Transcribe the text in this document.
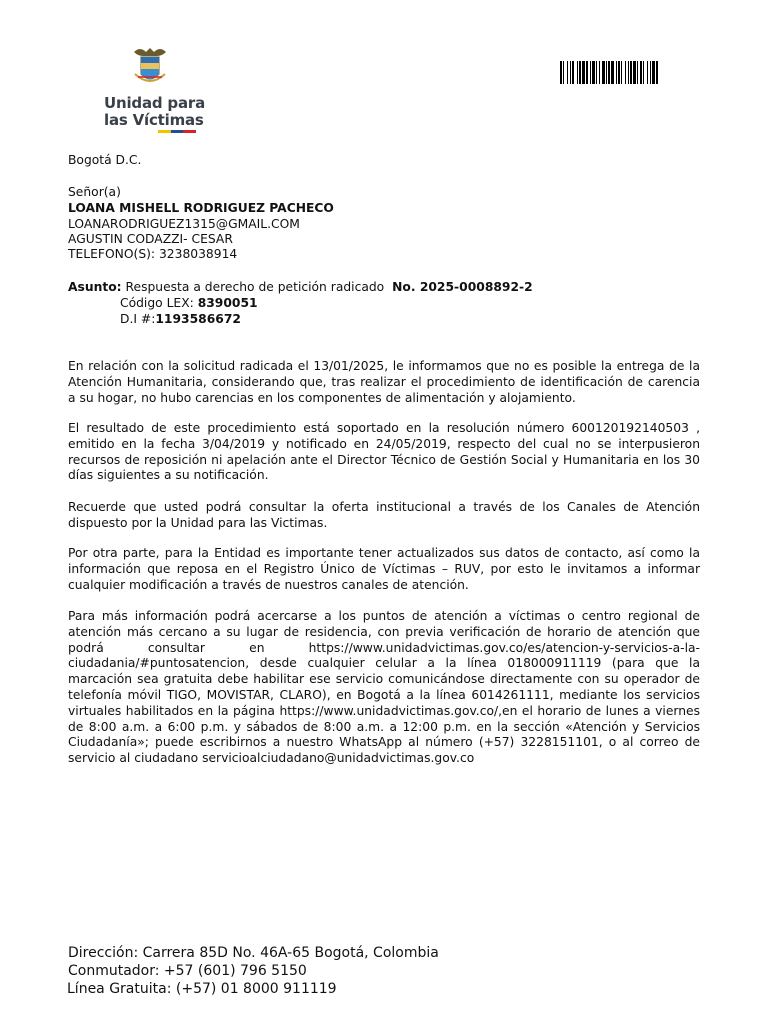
Unidad para
las Víctimas
Bogotá D.C.
Señor(a)
LOANA MISHELL RODRIGUEZ PACHECO
LOANARODRIGUEZ1315@GMAIL.COM
AGUSTIN CODAZZI- CESAR
TELEFONO(S): 3238038914
Asunto: Respuesta a derecho de petición radicado No. 2025-0008892-2
Código LEX: 8390051
D.I #:1193586672
En relación con la solicitud radicada el 13/01/2025, le informamos que no es posible la entrega de la Atención Humanitaria, considerando que, tras realizar el procedimiento de identificación de carencia a su hogar, no hubo carencias en los componentes de alimentación y alojamiento.
El resultado de este procedimiento está soportado en la resolución número 600120192140503 , emitido en la fecha 3/04/2019 y notificado en 24/05/2019, respecto del cual no se interpusieron recursos de reposición ni apelación ante el Director Técnico de Gestión Social y Humanitaria en los 30 días siguientes a su notificación.
Recuerde que usted podrá consultar la oferta institucional a través de los Canales de Atención dispuesto por la Unidad para las Victimas.
Por otra parte, para la Entidad es importante tener actualizados sus datos de contacto, así como la información que reposa en el Registro Único de Víctimas – RUV, por esto le invitamos a informar cualquier modificación a través de nuestros canales de atención.
Para más información podrá acercarse a los puntos de atención a víctimas o centro regional de atención más cercano a su lugar de residencia, con previa verificación de horario de atención que podrá consultar en https://www.unidadvictimas.gov.co/es/atencion-y-servicios-a-la-ciudadania/#puntosatencion, desde cualquier celular a la línea 018000911119 (para que la marcación sea gratuita debe habilitar ese servicio comunicándose directamente con su operador de telefonía móvil TIGO, MOVISTAR, CLARO), en Bogotá a la línea 6014261111, mediante los servicios virtuales habilitados en la página https://www.unidadvictimas.gov.co/,en el horario de lunes a viernes de 8:00 a.m. a 6:00 p.m. y sábados de 8:00 a.m. a 12:00 p.m. en la sección «Atención y Servicios Ciudadanía»; puede escribirnos a nuestro WhatsApp al número (+57) 3228151101, o al correo de servicio al ciudadano servicioalciudadano@unidadvictimas.gov.co
Dirección: Carrera 85D No. 46A-65 Bogotá, Colombia
Conmutador: +57 (601) 796 5150
Línea Gratuita: (+57) 01 8000 911119
